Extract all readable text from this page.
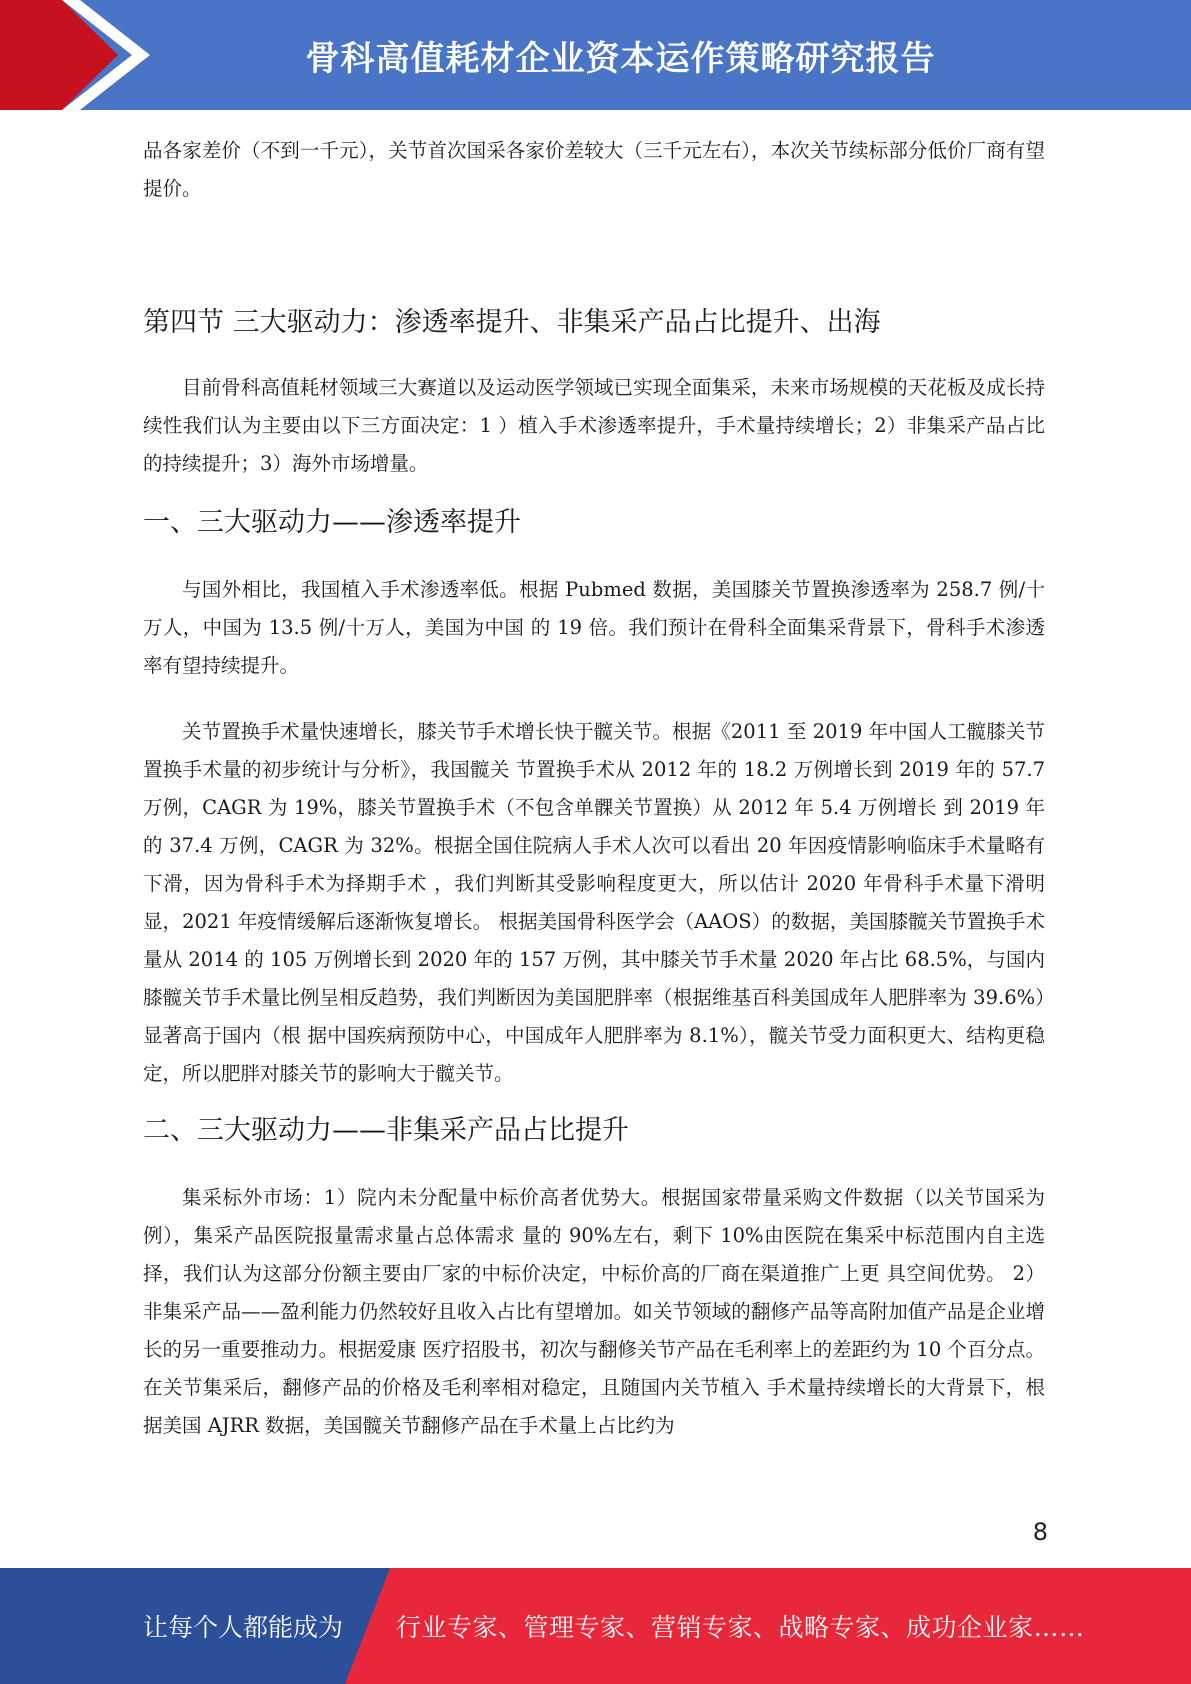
骨科高值耗材企业资本运作策略研究报告

品各家差价（不到一千元），关节首次国采各家价差较大（三千元左右），本次关节续标部分低价厂商有望提价。

第四节 三大驱动力：渗透率提升、非集采产品占比提升、出海

目前骨科高值耗材领域三大赛道以及运动医学领域已实现全面集采，未来市场规模的天花板及成长持续性我们认为主要由以下三方面决定：1 ）植入手术渗透率提升，手术量持续增长；2）非集采产品占比的持续提升；3）海外市场增量。

一、三大驱动力——渗透率提升

与国外相比，我国植入手术渗透率低。根据 Pubmed 数据，美国膝关节置换渗透率为 258.7 例/十万人，中国为 13.5 例/十万人，美国为中国 的 19 倍。我们预计在骨科全面集采背景下，骨科手术渗透率有望持续提升。

关节置换手术量快速增长，膝关节手术增长快于髋关节。根据《2011 至 2019 年中国人工髋膝关节置换手术量的初步统计与分析》，我国髋关 节置换手术从 2012 年的 18.2 万例增长到 2019 年的 57.7 万例，CAGR 为 19%，膝关节置换手术（不包含单髁关节置换）从 2012 年 5.4 万例增长 到 2019 年的 37.4 万例，CAGR 为 32%。根据全国住院病人手术人次可以看出 20 年因疫情影响临床手术量略有下滑，因为骨科手术为择期手术 ，我们判断其受影响程度更大，所以估计 2020 年骨科手术量下滑明显，2021 年疫情缓解后逐渐恢复增长。 根据美国骨科医学会（AAOS）的数据，美国膝髋关节置换手术量从 2014 的 105 万例增长到 2020 年的 157 万例，其中膝关节手术量 2020 年占比 68.5%，与国内膝髋关节手术量比例呈相反趋势，我们判断因为美国肥胖率（根据维基百科美国成年人肥胖率为 39.6%）显著高于国内（根 据中国疾病预防中心，中国成年人肥胖率为 8.1%），髋关节受力面积更大、结构更稳定，所以肥胖对膝关节的影响大于髋关节。

二、三大驱动力——非集采产品占比提升

集采标外市场：1）院内未分配量中标价高者优势大。根据国家带量采购文件数据（以关节国采为例），集采产品医院报量需求量占总体需求 量的 90%左右，剩下 10%由医院在集采中标范围内自主选择，我们认为这部分份额主要由厂家的中标价决定，中标价高的厂商在渠道推广上更 具空间优势。 2）非集采产品——盈利能力仍然较好且收入占比有望增加。如关节领域的翻修产品等高附加值产品是企业增长的另一重要推动力。根据爱康 医疗招股书，初次与翻修关节产品在毛利率上的差距约为 10 个百分点。在关节集采后，翻修产品的价格及毛利率相对稳定，且随国内关节植入 手术量持续增长的大背景下，根据美国 AJRR 数据，美国髋关节翻修产品在手术量上占比约为

8
让每个人都能成为 行业专家、管理专家、营销专家、战略专家、成功企业家……
